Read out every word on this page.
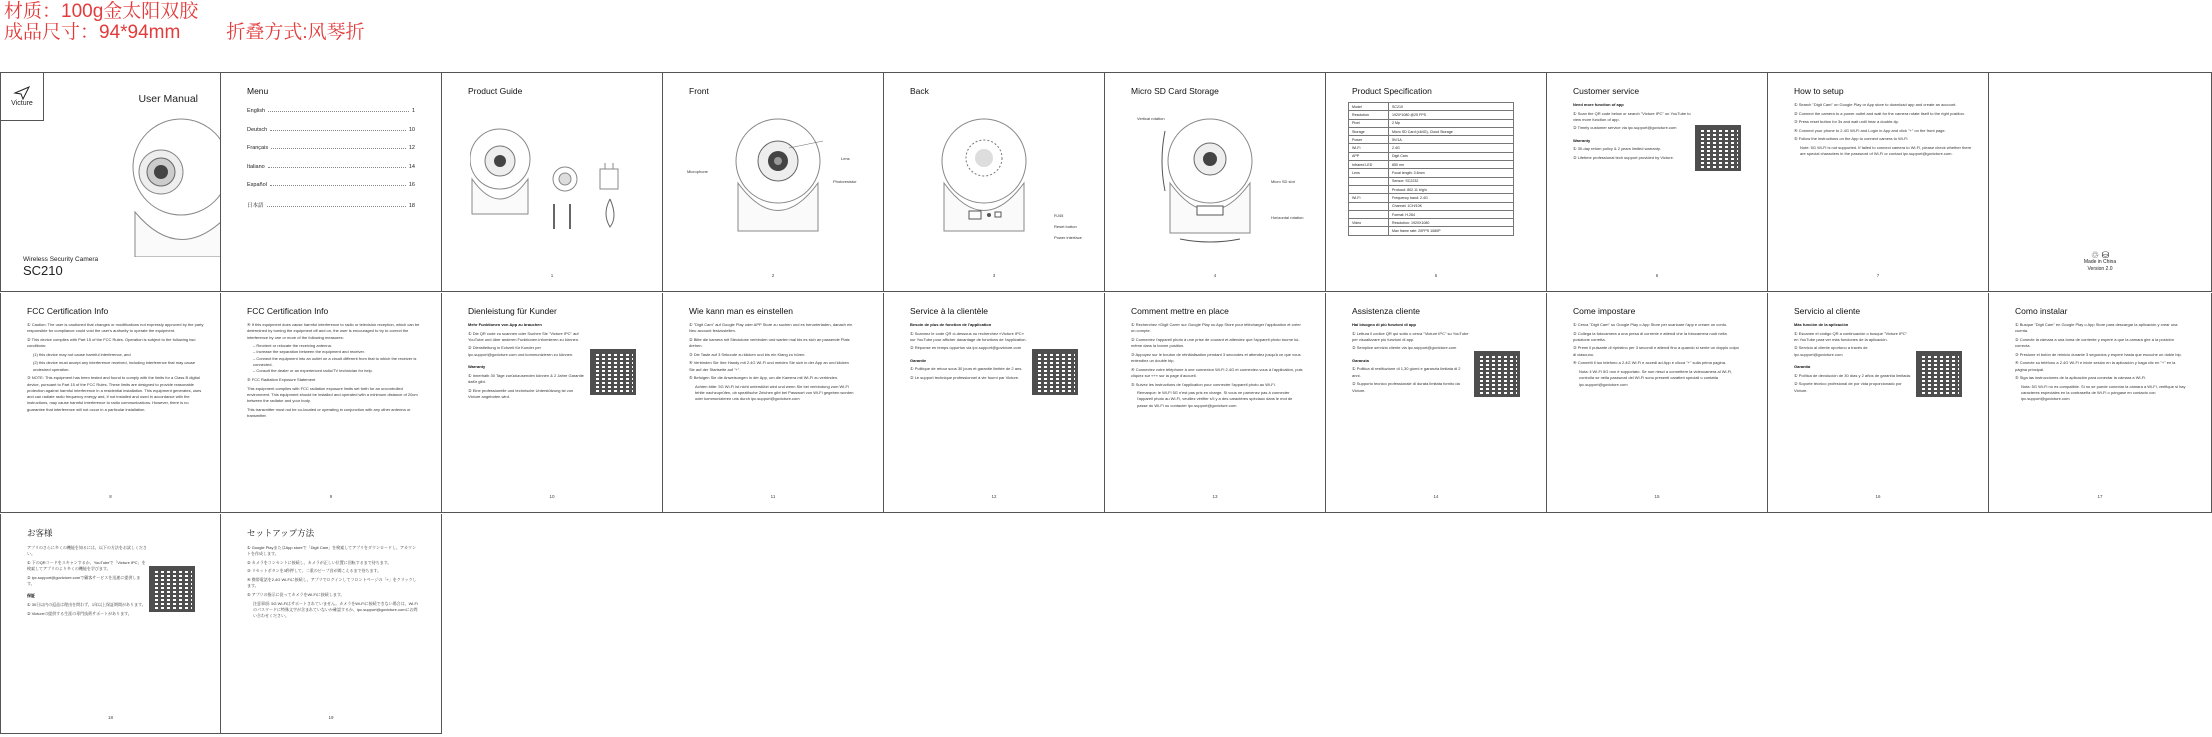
材质：100g金太阳双胶
成品尺寸：94*94mm 折叠方式:风琴折
Victure	User Manual
Wireless Security Camera
SC210
Menu
English	1
Deutsch	10
Français	12
Italiano	14
Español	16
日本語	18
Product Guide
1
Front
Lens
Microphone
Photoresistor
2
Back
RJ45
Reset button
Power interface
3
Micro SD Card Storage
Vertical rotation
Micro SD slot
Horizontal rotation
4
Product Specification
Model	SC210
Resolution	1920*1080 @25 FPS
Pixel	2 Mp
Storage	Micro SD Card (≤64G), Cloud Storage
Power	5V/1A
Wi-Fi	2.4G
APP	Digit Cam
Infrared LED	850 nm
Lens	Focal length: 3.6mm
	Sensor: SC2232
	Protocol: 802.11 b/g/n
Wi-Fi	Frequency band: 2.4G
	Channel: 1CH/10K
	Format: H.264
Video	Resolution: 1920X1080
	Max frame rate: 20FPS 1080P
5
Customer service

Need more function of app

① Scan the QR code below or search "Victure IPC" on YouTube to view more function of app.

② Timely customer service via ipc.support@govicture.com

Warranty

① 30-day return policy & 2 years limited warranty.

② Lifetime professional tech support provided by Victure.

6
How to setup

① Search "Digit Cam" on Google Play or App store to download app and create an account.

② Connect the camera to a power outlet and wait for the camera rotate itself to the right position.

③ Press reset button for 3s and wait until hear a double-tip.

④ Connect your phone to 2.4G Wi-Fi and Login in App and click "+" on the front page.

⑤ Follow the instructions on the App to connect camera to Wi-Fi.

Note: 5G Wi-Fi is not supported. If failed to connect camera to Wi-Fi, please check whether there are special characters in the password of Wi-Fi or contact ipc.support@govicture.com.

7
♲ ⛁
Made in China
Version 2.0
FCC Certification Info

① Caution: The user is cautioned that changes or modifications not expressly approved by the party responsible for compliance could void the user's authority to operate the equipment.

② This device complies with Part 15 of the FCC Rules. Operation is subject to the following two conditions:

(1) this device may not cause harmful interference, and

(2) this device must accept any interference received, including interference that may cause undesired operation.

③ NOTE: This equipment has been tested and found to comply with the limits for a Class B digital device, pursuant to Part 15 of the FCC Rules. These limits are designed to provide reasonable protection against harmful interference in a residential installation. This equipment generates, uses and can radiate radio frequency energy and, if not installed and used in accordance with the instructions, may cause harmful interference to radio communications. However, there is no guarantee that interference will not occur in a particular installation.

8
FCC Certification Info

④ If this equipment does cause harmful interference to radio or television reception, which can be determined by turning the equipment off and on, the user is encouraged to try to correct the interference by one or more of the following measures:

– Reorient or relocate the receiving antenna.

– Increase the separation between the equipment and receiver.

– Connect the equipment into an outlet on a circuit different from that to which the receiver is connected.

– Consult the dealer or an experienced radio/TV technician for help.

⑤ FCC Radiation Exposure Statement

This equipment complies with FCC radiation exposure limits set forth for an uncontrolled environment. This equipment should be installed and operated with a minimum distance of 20cm between the radiator and your body.

This transmitter must not be co-located or operating in conjunction with any other antenna or transmitter.

9
Dienleistung für Kunder

Mehr Funktionen von App zu brauchen

① Die QR code zu scannen oder Suchen Sie "Victure IPC" auf YouTube und über anderen Funktionen informieren zu können.

② Dienstleitung in Echzeit für Kunder per ipc.support@govicture.com und kommunizieren zu können.

Warranty

① Innerhalb 30 Tage zurückzusenden können & 2 Jahre Garantie dafür gibt.

② Eine professionelle und technische Unterstützung ist von Victure angeboten wird.

10
Wie kann man es einstellen

① "Digit Cam" auf Google Play oder APP Store zu suchen und es herunterladen, danach ein Neu account festzustellen.

② Bitte die kamera mit Steckdose verbinden und warten mal bis es sich an passende Platz drehen.

③ Die Taste auf 3 Sekunde zu klicken und bis ein Klang zu hören.

④ Verbinden Sie Ihre Handy mit 2.4G Wi-Fi und melden Sie sich in der App an und klicken Sie auf der Startseite auf "+".

⑤ Befolgen Sie die Anweisungen in der App, um die Kamera mit Wi-Fi zu verbinden.

Achten bitte: 5G Wi-Fi ist nicht unterstützt wird und wenn Sie bei verbindung zum Wi-Fi fehlte nachzuprüfen, ob spezifische Zeichen gibt bei Passwort von Wi-Fi gegeben worden oder kommunizieren uns durch ipc.support@govicture.com

11
Service à la clientèle

Besoin de plus de fonction de l'application

① Scannez le code QR ci-dessous ou recherchez «Victure IPC» sur YouTube pour afficher davantage de fonctions de l'application.

② Réponse en temps opportun via ipc.support@govicture.com

Garantie

① Politique de retour sous 30 jours et garantie limitée de 2 ans.

② Le support technique professionnel à vie fourni par Victure.

12
Comment mettre en place

① Recherchez «Digit Cam» sur Google Play ou App Store pour télécharger l'application et créer un compte.

② Connectez l'appareil photo à une prise de courant et attendez que l'appareil photo tourne lui-même dans la bonne position.

③ Appuyez sur le bouton de réinitialisation pendant 3 secondes et attendez jusqu'à ce que vous entendiez un double bip.

④ Connectez votre téléphone à une connexion Wi-Fi 2,4G et connectez-vous à l'application, puis cliquez sur «+» sur la page d'accueil.

⑤ Suivez les instructions de l'application pour connecter l'appareil photo au Wi-Fi.

Remarque: le Wi-Fi 5G n'est pas pris en charge. Si vous ne parvenez pas à connecter l'appareil photo au Wi-Fi, veuillez vérifier s'il y a des caractères spéciaux dans le mot de passe du Wi-Fi ou contacter ipc.support@govicture.com

13
Assistenza cliente

Hai bisogno di più funzioni di app

① Lettura il codice QR qui sotto o cerca "Victure IPC" su YouTube per visualizzare più funzioni di app.

② Semplice servizio cliente via ipc.support@govicture.com

Garanzia

① Politica di restituzione di 1,30 giorni e garanzia limitata di 2 anni.

② Supporto tecnico professionale di durata limitata fornito da Victure.

14
Come impostare

① Cerca "Digit Cam" su Google Play o App Store per scaricare l'app e creare un conto.

② Collega la fotocamera a una presa di corrente e attendi che la fotocamera ruoti nella posizione corretta.

③ Premi il pulsante di ripristino per 3 secondi e attendi fino a quando si sente un doppio colpo di ciascuno.

④ Connetti il tuo telefono a 2.4G Wi-Fi e accedi ad App e clicca "+" sulla prima pagina.

Nota: il Wi-Fi 5G non è supportato. Se non riesci a connettere la videocamera al Wi-Fi, controlla se nella password del Wi-Fi sono presenti caratteri speciali o contatta ipc.support@govicture.com

15
Servicio al cliente

Más función de la aplicación

① Escanee el código QR a continuación o busque "Victure IPC" en YouTube para ver más funciones de la aplicación.

② Servicio al cliente oportuno a través de ipc.support@govicture.com

Garantía

① Política de devolución de 30 días y 2 años de garantía limitada.

② Soporte técnico profesional de por vida proporcionado por Victure.

16
Como instalar

① Busque "Digit Cam" en Google Play o App Store para descargar la aplicación y crear una cuenta.

② Conecte la cámara a una toma de corriente y espere a que la cámara gire a la posición correcta.

③ Presione el botón de reinicio durante 3 segundos y espere hasta que escuche un doble bip.

④ Conecte su teléfono a 2.4G Wi-Fi e inicie sesión en la aplicación y haga clic en "+" en la página principal.

⑤ Siga las instrucciones de la aplicación para conectar la cámara a Wi-Fi.

Nota: 5G Wi-Fi no es compatible. Si no se puede conectar la cámara a Wi-Fi, verifique si hay caracteres especiales en la contraseña de Wi-Fi o póngase en contacto con ipc.support@govicture.com

17
お客様

アプリのさらに多くの機能を知るには、以下の方法をお試しください。

① 下のQRコードをスキャンするか、YouTubeで「Victure IPC」を検索してアプリのより多くの機能を学びます。

② ipc.support@govicture.comで顧客サービスを迅速に提供します。

保証

① 30日以内の返品は理由を問わず、1年以上保証期間があります。

② Victureの提供する生涯の専門技術サポートがあります。

18
セットアップ方法

① Google PlayまたはApp storeで「Digit Cam」を検索してアプリをダウンロードし、アカウントを作成します。

② カメラをコンセントに接続し、カメラが正しい位置に回転するまで待ちます。

③ リセットボタンを3秒押して、二重のビープ音が聞こえるまで待ちます。

④ 携帯電話を2.4G Wi-Fiに接続し、アプリでログインしてフロントページの「+」をクリックします。

⑤ アプリの指示に従ってカメラをWi-Fiに接続します。

注意事項: 5G Wi-Fiはサポートされていません。カメラをWi-Fiに接続できない場合は、Wi-Fiのパスワードに特殊文字が含まれていないか確認するか、ipc.support@govicture.comにお問い合わせください。

19
